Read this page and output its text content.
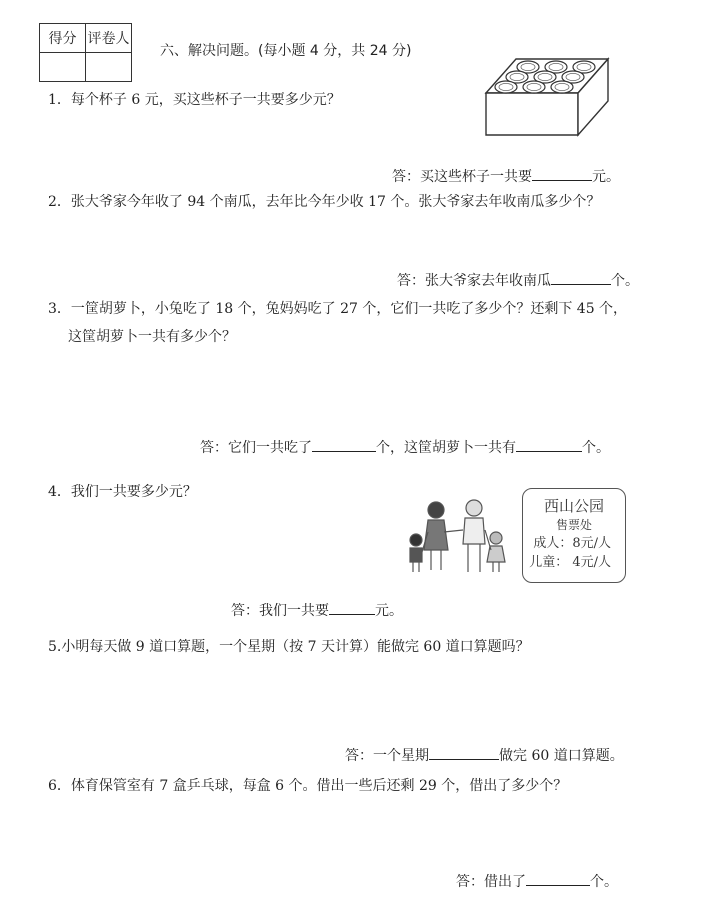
得分	评卷人

六、解决问题。(每小题 4 分，共 24 分)
1．每个杯子 6 元，买这些杯子一共要多少元？
答：买这些杯子一共要	元。
2．张大爷家今年收了 94 个南瓜，去年比今年少收 17 个。张大爷家去年收南瓜多少个？
答：张大爷家去年收南瓜	个。
3．一筐胡萝卜，小兔吃了 18 个，兔妈妈吃了 27 个，它们一共吃了多少个？还剩下 45 个，
这筐胡萝卜一共有多少个？
答：它们一共吃了	个，这筐胡萝卜一共有	个。
4．我们一共要多少元？
西山公园
售票处
成人：8元/人
儿童： 4元/人
答：我们一共要	元。
5.小明每天做 9 道口算题，一个星期（按 7 天计算）能做完 60 道口算题吗？
答：一个星期	做完 60 道口算题。
6．体育保管室有 7 盒乒乓球，每盒 6 个。借出一些后还剩 29 个，借出了多少个？
答：借出了	个。
